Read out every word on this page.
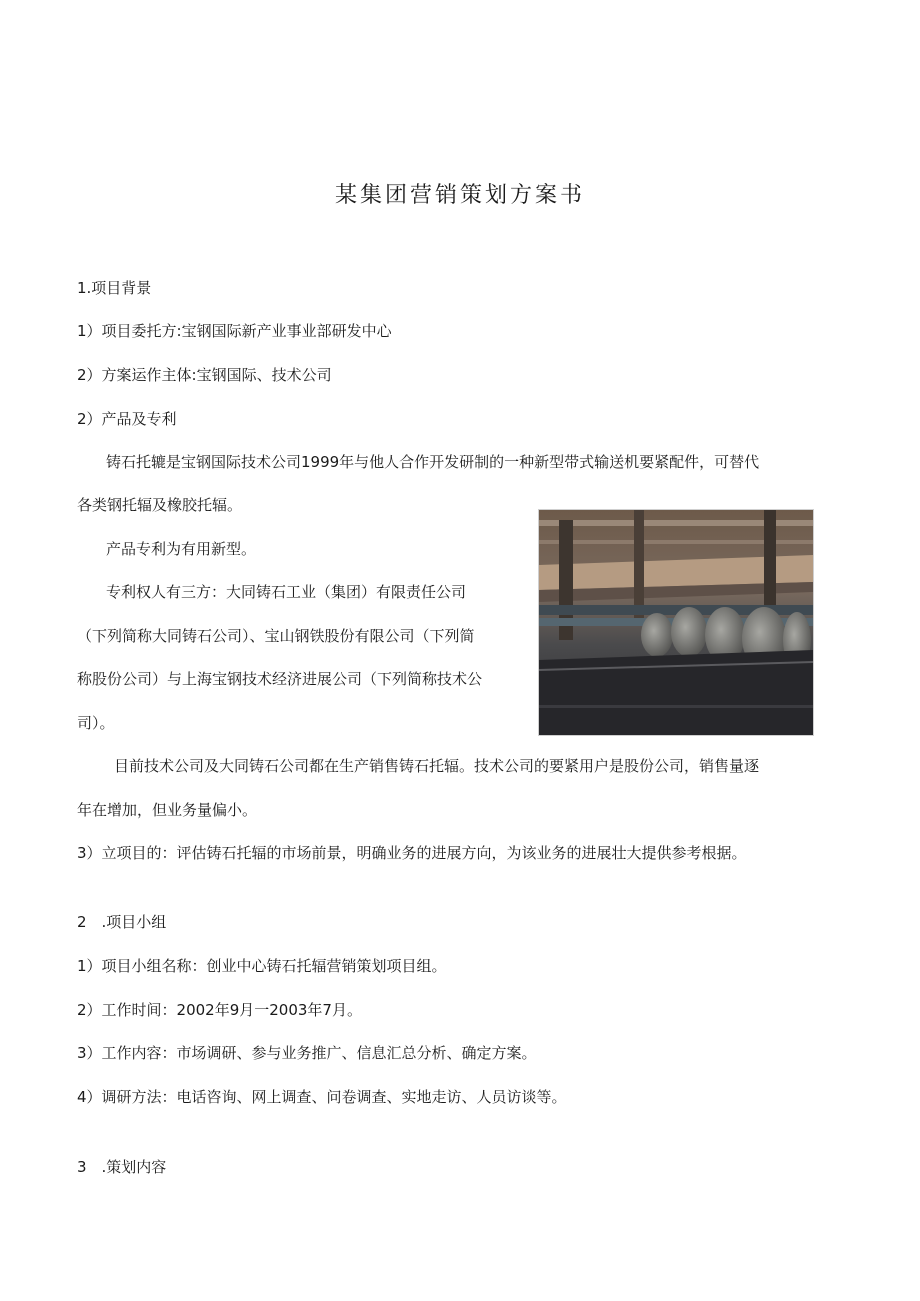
某集团营销策划方案书
1.项目背景
1）项目委托方:宝钢国际新产业事业部研发中心
2）方案运作主体:宝钢国际、技术公司
2）产品及专利
铸石托辘是宝钢国际技术公司1999年与他人合作开发研制的一种新型带式输送机要紧配件，可替代
各类钢托辐及橡胶托辐。
产品专利为有用新型。
专利权人有三方：大同铸石工业（集团）有限责任公司
（下列简称大同铸石公司）、宝山钢铁股份有限公司（下列简
称股份公司）与上海宝钢技术经济进展公司（下列简称技术公
司）。
目前技术公司及大同铸石公司都在生产销售铸石托辐。技术公司的要紧用户是股份公司，销售量逐
年在增加，但业务量偏小。
3）立项目的：评估铸石托辐的市场前景，明确业务的进展方向，为该业务的进展壮大提供参考根据。
2　.项目小组
1）项目小组名称：创业中心铸石托辐营销策划项目组。
2）工作时间：2002年9月一2003年7月。
3）工作内容：市场调研、参与业务推广、信息汇总分析、确定方案。
4）调研方法：电话咨询、网上调查、问卷调查、实地走访、人员访谈等。
3　.策划内容
